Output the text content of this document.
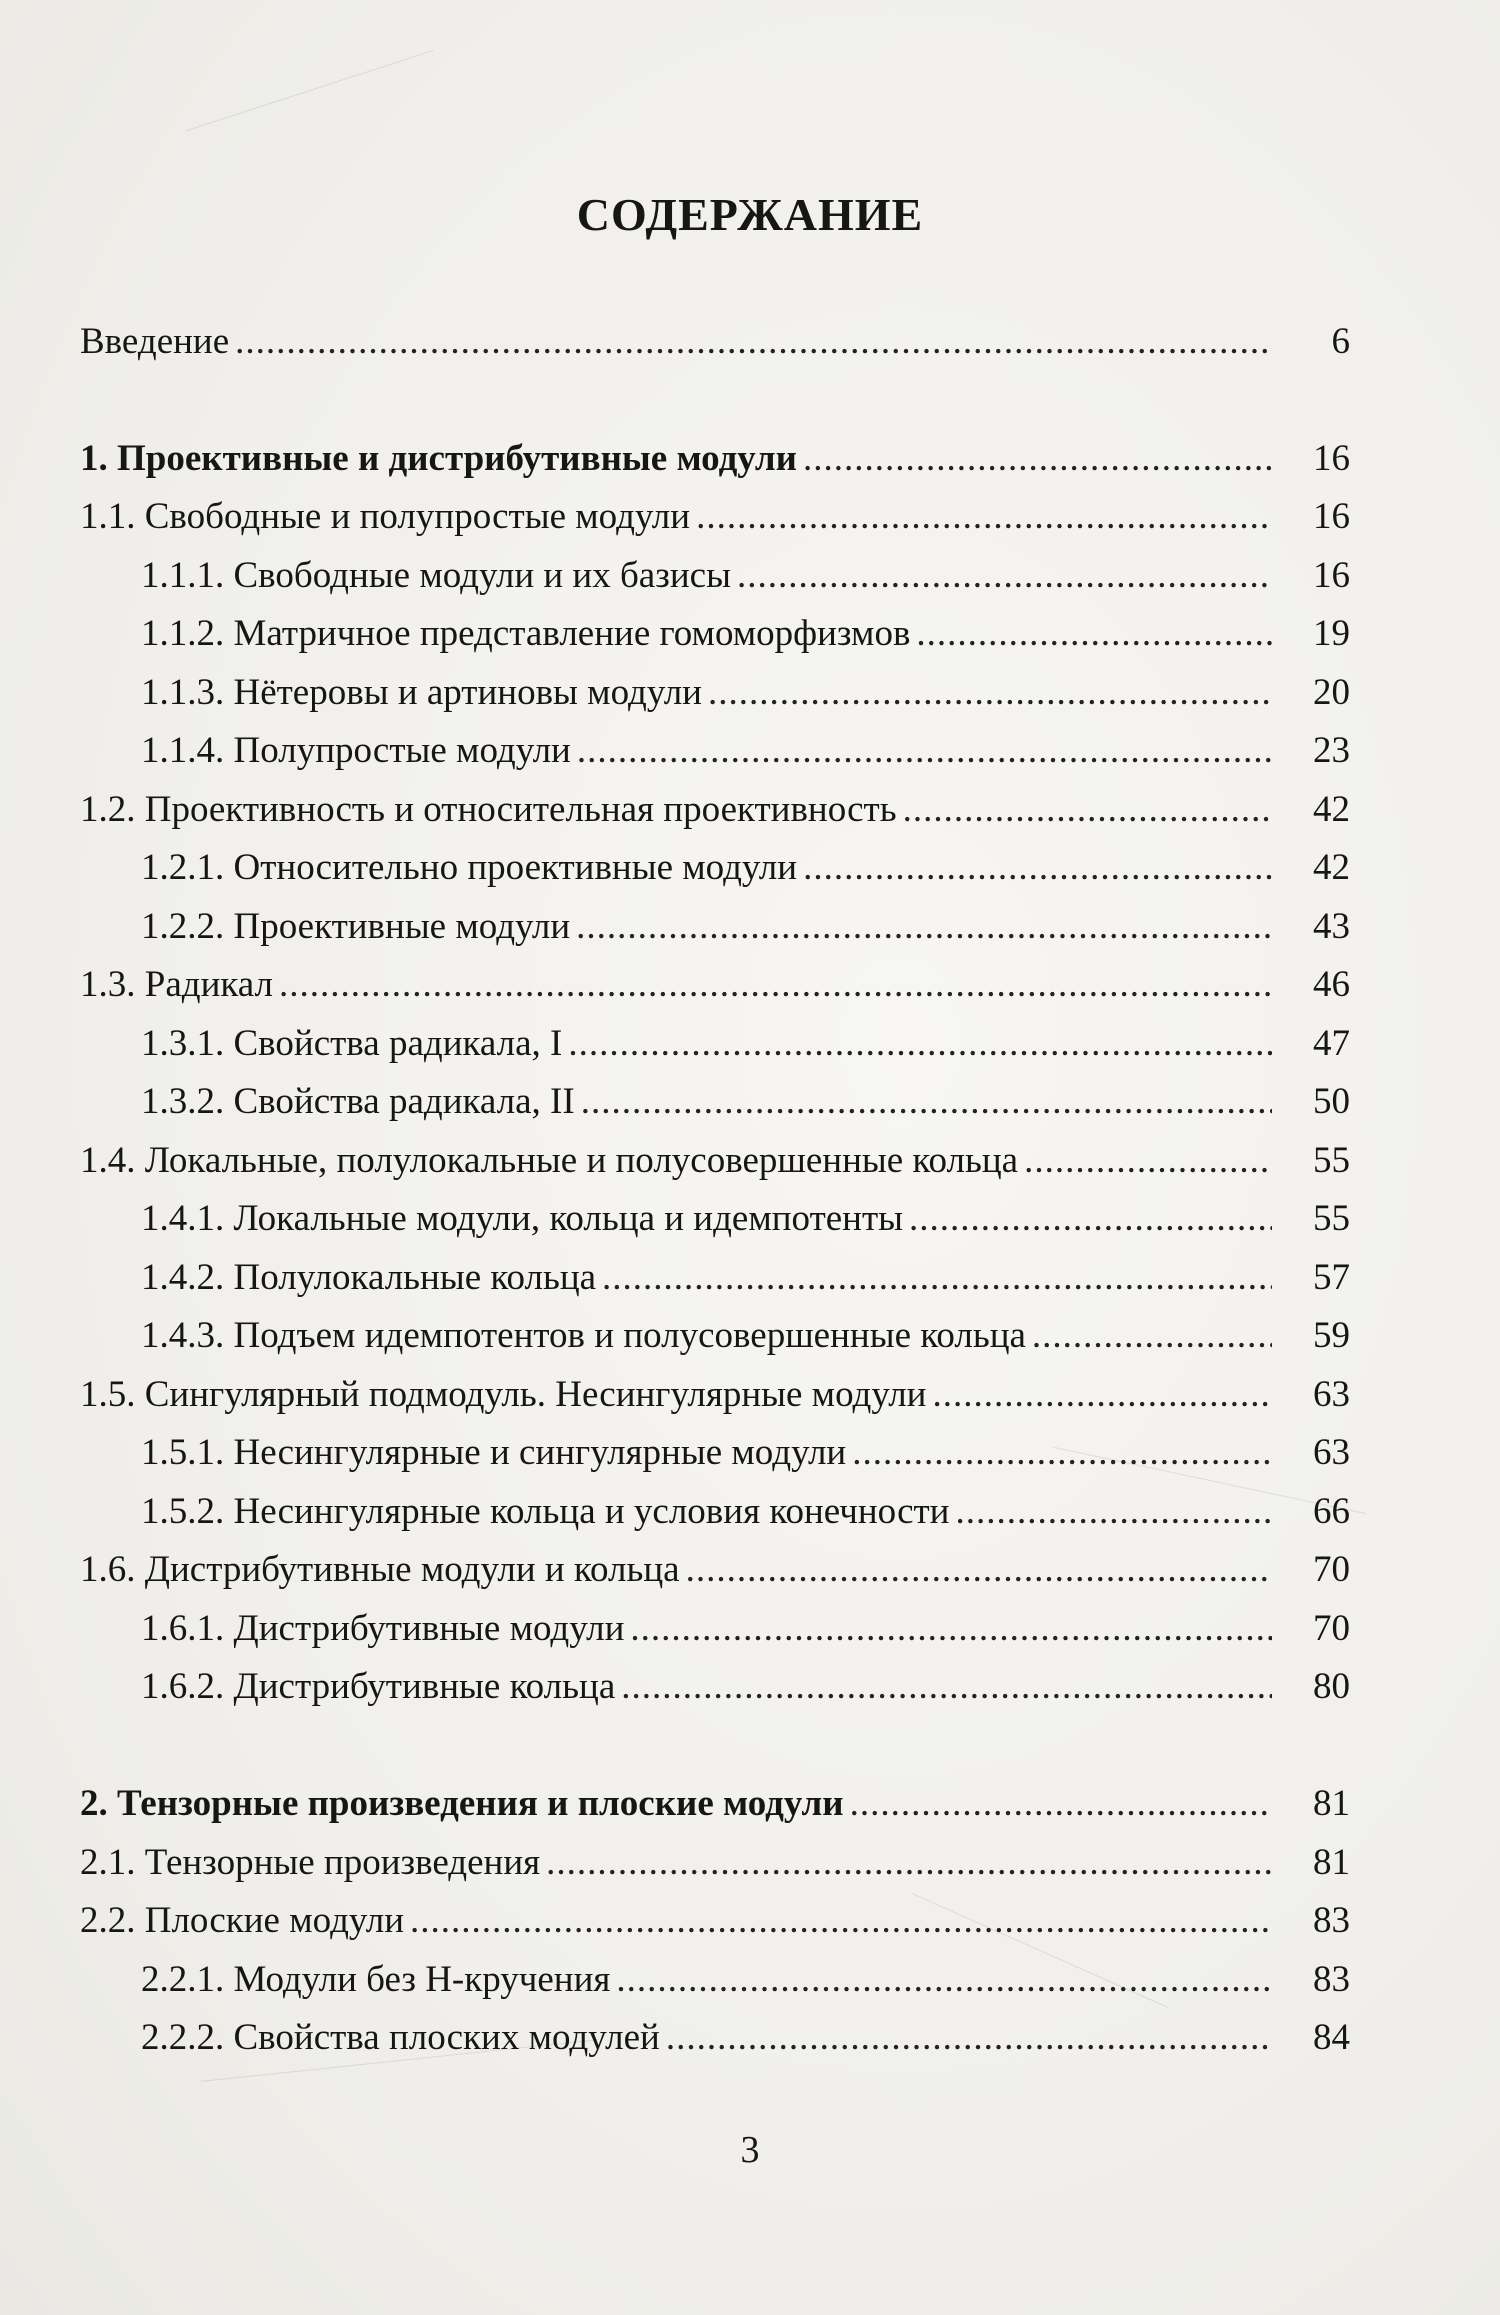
СОДЕРЖАНИЕ
Введение .....	6
1. Проективные и дистрибутивные модули .....	16
1.1. Свободные и полупростые модули .....	16
1.1.1. Свободные модули и их базисы .....	16
1.1.2. Матричное представление гомоморфизмов .....	19
1.1.3. Нётеровы и артиновы модули .....	20
1.1.4. Полупростые модули .....	23
1.2. Проективность и относительная проективность .....	42
1.2.1. Относительно проективные модули .....	42
1.2.2. Проективные модули .....	43
1.3. Радикал .....	46
1.3.1. Свойства радикала, I .....	47
1.3.2. Свойства радикала, II .....	50
1.4. Локальные, полулокальные и полусовершенные кольца .....	55
1.4.1. Локальные модули, кольца и идемпотенты .....	55
1.4.2. Полулокальные кольца .....	57
1.4.3. Подъем идемпотентов и полусовершенные кольца .....	59
1.5. Сингулярный подмодуль. Несингулярные модули .....	63
1.5.1. Несингулярные и сингулярные модули .....	63
1.5.2. Несингулярные кольца и условия конечности .....	66
1.6. Дистрибутивные модули и кольца .....	70
1.6.1. Дистрибутивные модули .....	70
1.6.2. Дистрибутивные кольца .....	80
2. Тензорные произведения и плоские модули .....	81
2.1. Тензорные произведения .....	81
2.2. Плоские модули .....	83
2.2.1. Модули без Н-кручения .....	83
2.2.2. Свойства плоских модулей .....	84
3
